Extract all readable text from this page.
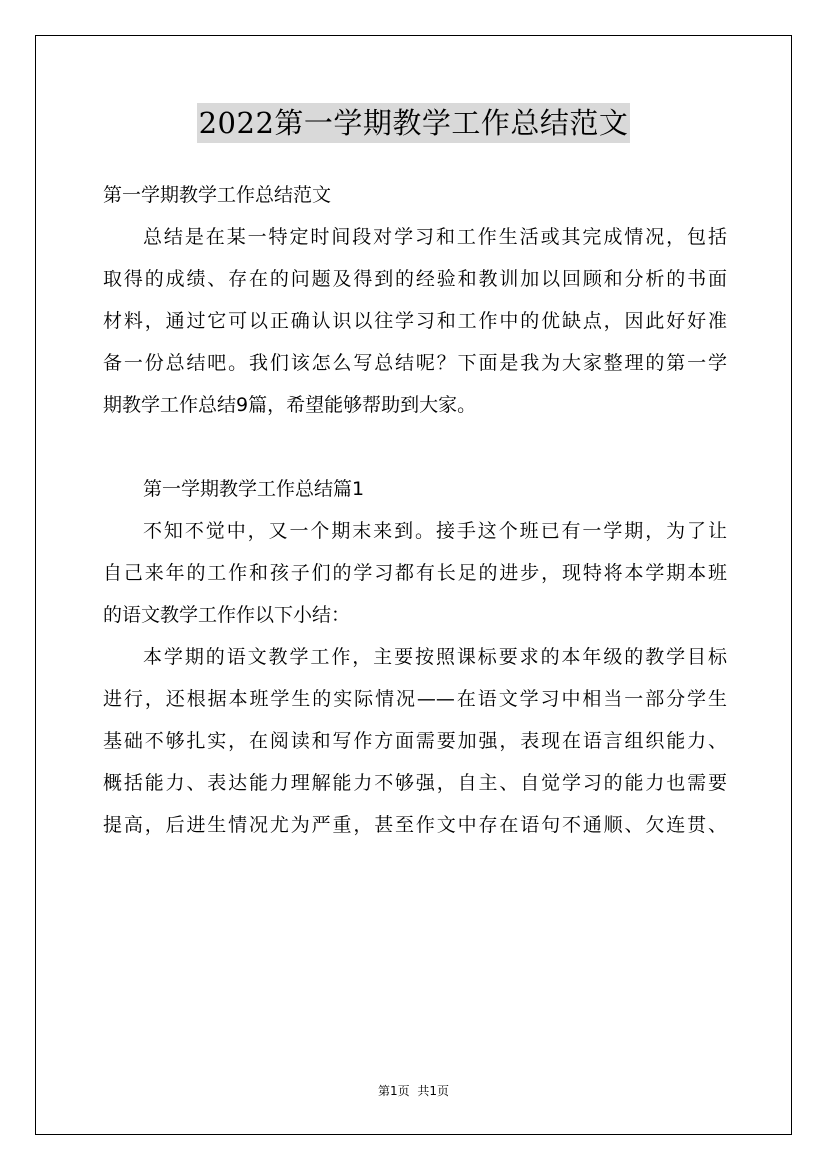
2022第一学期教学工作总结范文
第一学期教学工作总结范文
总结是在某一特定时间段对学习和工作生活或其完成情况，包括
取得的成绩、存在的问题及得到的经验和教训加以回顾和分析的书面
材料，通过它可以正确认识以往学习和工作中的优缺点，因此好好准
备一份总结吧。我们该怎么写总结呢？下面是我为大家整理的第一学
期教学工作总结9篇，希望能够帮助到大家。
第一学期教学工作总结篇1
不知不觉中，又一个期末来到。接手这个班已有一学期，为了让
自己来年的工作和孩子们的学习都有长足的进步，现特将本学期本班
的语文教学工作作以下小结：
本学期的语文教学工作，主要按照课标要求的本年级的教学目标
进行，还根据本班学生的实际情况——在语文学习中相当一部分学生
基础不够扎实，在阅读和写作方面需要加强，表现在语言组织能力、
概括能力、表达能力理解能力不够强，自主、自觉学习的能力也需要
提高，后进生情况尤为严重，甚至作文中存在语句不通顺、欠连贯、
第1页 共1页
